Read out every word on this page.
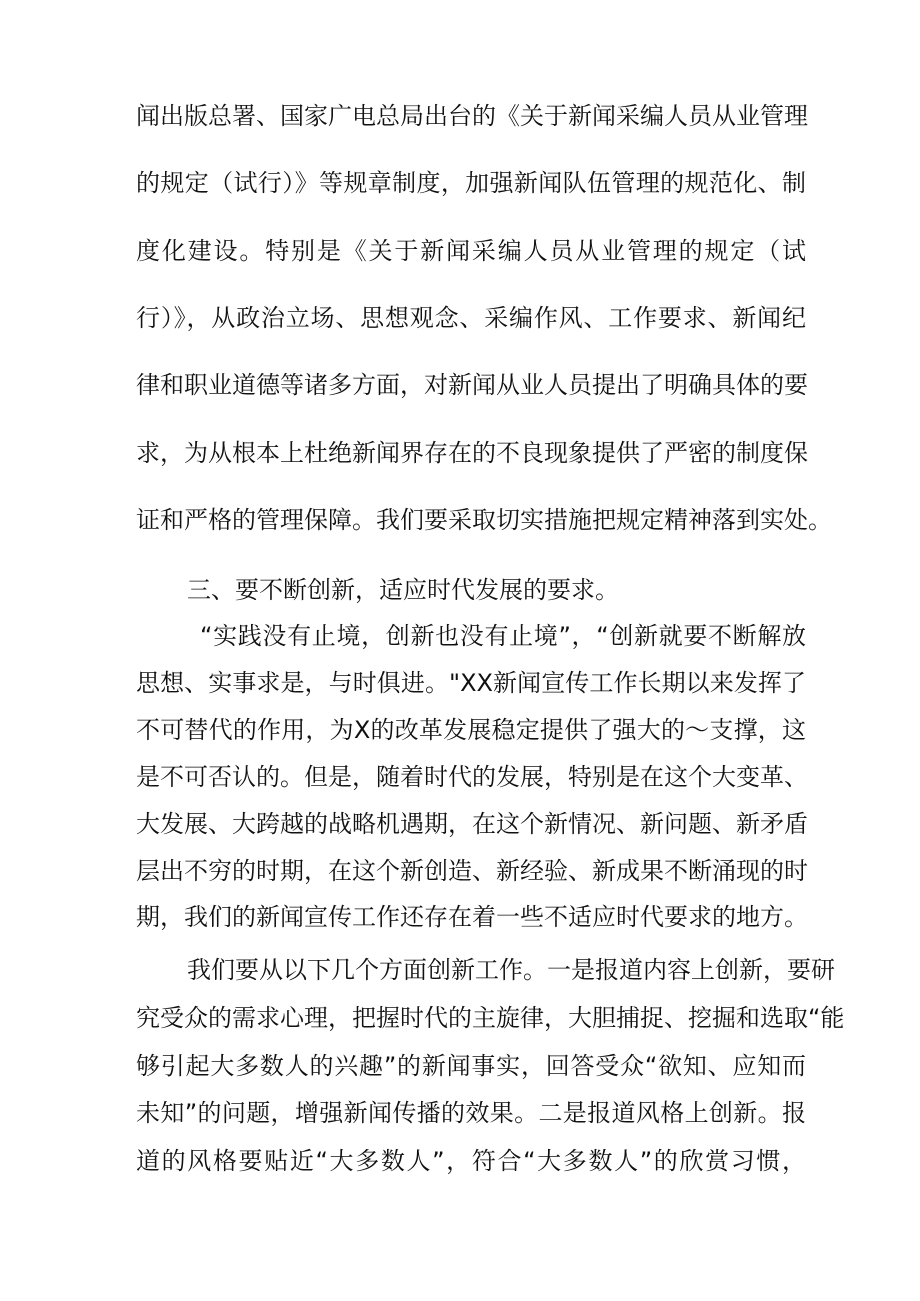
闻出版总署、国家广电总局出台的《关于新闻采编人员从业管理
的规定（试行）》等规章制度，加强新闻队伍管理的规范化、制
度化建设。特别是《关于新闻采编人员从业管理的规定（试
行）》，从政治立场、思想观念、采编作风、工作要求、新闻纪
律和职业道德等诸多方面，对新闻从业人员提出了明确具体的要
求，为从根本上杜绝新闻界存在的不良现象提供了严密的制度保
证和严格的管理保障。我们要采取切实措施把规定精神落到实处。
三、要不断创新，适应时代发展的要求。
“实践没有止境，创新也没有止境”，“创新就要不断解放
思想、实事求是，与时俱进。"XX新闻宣传工作长期以来发挥了
不可替代的作用，为X的改革发展稳定提供了强大的～支撑，这
是不可否认的。但是，随着时代的发展，特别是在这个大变革、
大发展、大跨越的战略机遇期，在这个新情况、新问题、新矛盾
层出不穷的时期，在这个新创造、新经验、新成果不断涌现的时
期，我们的新闻宣传工作还存在着一些不适应时代要求的地方。
我们要从以下几个方面创新工作。一是报道内容上创新，要研
究受众的需求心理，把握时代的主旋律，大胆捕捉、挖掘和选取“能
够引起大多数人的兴趣”的新闻事实，回答受众“欲知、应知而
未知”的问题，增强新闻传播的效果。二是报道风格上创新。报
道的风格要贴近“大多数人”，符合“大多数人”的欣赏习惯，
